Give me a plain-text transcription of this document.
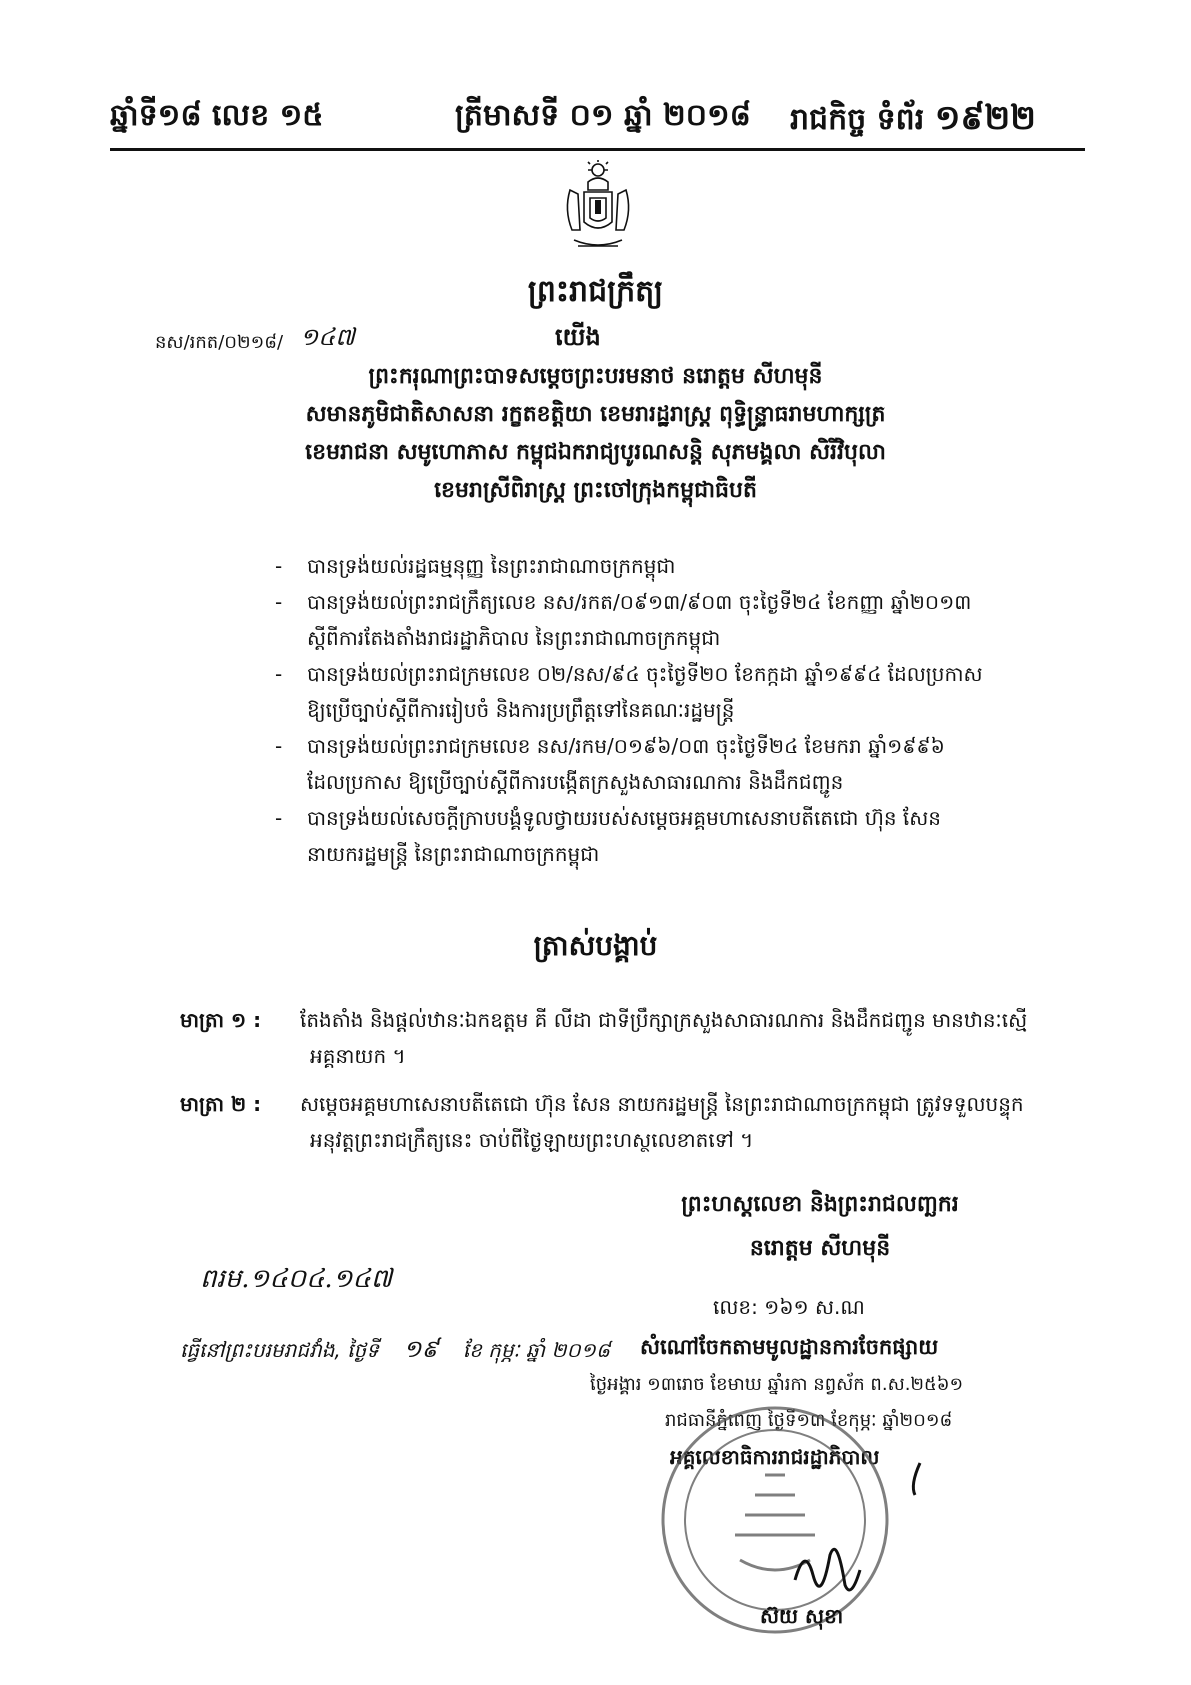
ឆ្នាំទី១៨ លេខ ១៥	ត្រីមាសទី ០១ ឆ្នាំ ២០១៨ រាជកិច្ច ទំព័រ ១៩២២
ព្រះរាជក្រឹត្យ
នស/រកត/០២១៨/ ១៤៧	យើង
ព្រះករុណាព្រះបាទសម្តេចព្រះបរមនាថ នរោត្តម សីហមុនី
សមានភូមិជាតិសាសនា រក្ខតខត្តិយា ខេមរារដ្ឋរាស្ត្រ ពុទ្ធិន្ទ្រាធរាមហាក្សត្រ
ខេមរាជនា សមូហោភាស កម្ពុជឯករាជ្យបូរណសន្តិ សុភមង្គលា សិរីវិបុលា
ខេមរាស្រីពិរាស្ត្រ ព្រះចៅក្រុងកម្ពុជាធិបតី
- បានទ្រង់យល់រដ្ឋធម្មនុញ្ញ នៃព្រះរាជាណាចក្រកម្ពុជា
- បានទ្រង់យល់ព្រះរាជក្រឹត្យលេខ នស/រកត/០៩១៣/៩០៣ ចុះថ្ងៃទី២៤ ខែកញ្ញា ឆ្នាំ២០១៣
ស្តីពីការតែងតាំងរាជរដ្ឋាភិបាល នៃព្រះរាជាណាចក្រកម្ពុជា
- បានទ្រង់យល់ព្រះរាជក្រមលេខ ០២/នស/៩៤ ចុះថ្ងៃទី២០ ខែកក្កដា ឆ្នាំ១៩៩៤ ដែលប្រកាស
ឱ្យប្រើច្បាប់ស្តីពីការរៀបចំ និងការប្រព្រឹត្តទៅនៃគណៈរដ្ឋមន្ត្រី
- បានទ្រង់យល់ព្រះរាជក្រមលេខ នស/រកម/០១៩៦/០៣ ចុះថ្ងៃទី២៤ ខែមករា ឆ្នាំ១៩៩៦
ដែលប្រកាស ឱ្យប្រើច្បាប់ស្តីពីការបង្កើតក្រសួងសាធារណការ និងដឹកជញ្ជូន
- បានទ្រង់យល់សេចក្តីក្រាបបង្គំទូលថ្វាយរបស់សម្តេចអគ្គមហាសេនាបតីតេជោ ហ៊ុន សែន
នាយករដ្ឋមន្ត្រី នៃព្រះរាជាណាចក្រកម្ពុជា
ត្រាស់បង្គាប់
មាត្រា ១ : តែងតាំង និងផ្តល់ឋានៈឯកឧត្តម គី លីដា ជាទីប្រឹក្សាក្រសួងសាធារណការ និងដឹកជញ្ជូន មានឋានៈស្មើ
អគ្គនាយក ។
មាត្រា ២ : សម្តេចអគ្គមហាសេនាបតីតេជោ ហ៊ុន សែន នាយករដ្ឋមន្ត្រី នៃព្រះរាជាណាចក្រកម្ពុជា ត្រូវទទួលបន្ទុក
អនុវត្តព្រះរាជក្រឹត្យនេះ ចាប់ពីថ្ងៃឡាយព្រះហស្ថលេខាតទៅ ។
ព្រះហស្តលេខា និងព្រះរាជលញ្ឆករ
នរោត្តម សីហមុនី
ពរម.១៤០៤.១៤៧
ធ្វើនៅព្រះបរមរាជវាំង, ថ្ងៃទី ១៩ ខែ កុម្ភៈ ឆ្នាំ ២០១៨
លេខ: ១៦១ ស.ណ
សំណៅចែកតាមមូលដ្ឋានការចែកផ្សាយ
ថ្ងៃអង្គារ ១៣រោច ខែមាឃ ឆ្នាំរកា នព្វស័ក ព.ស.២៥៦១
រាជធានីភ្នំពេញ ថ្ងៃទី១៣ ខែកុម្ភៈ ឆ្នាំ២០១៨
អគ្គលេខាធិការរាជរដ្ឋាភិបាល
ស៊យ សុខា
